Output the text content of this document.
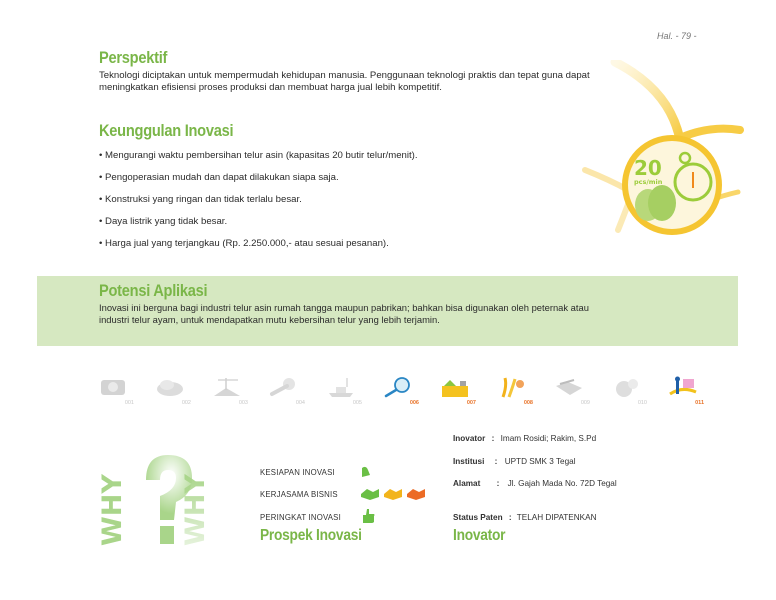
Hal. - 79 -
Perspektif
Teknologi diciptakan untuk mempermudah kehidupan manusia. Penggunaan teknologi praktis dan tepat guna dapat meningkatkan efisiensi proses produksi dan membuat harga jual lebih kompetitif.
Keunggulan Inovasi
• Mengurangi waktu pembersihan telur asin (kapasitas 20 butir telur/menit).
• Pengoperasian mudah dan dapat dilakukan siapa saja.
• Konstruksi yang ringan dan tidak terlalu besar.
• Daya listrik yang tidak besar.
• Harga jual yang terjangkau (Rp. 2.250.000,- atau sesuai pesanan).
20
pcs/min
Potensi Aplikasi
Inovasi ini berguna bagi industri telur asin rumah tangga maupun pabrikan; bahkan bisa digunakan oleh peternak atau industri telur ayam, untuk mendapatkan mutu kebersihan telur yang lebih terjamin.
001	002	003	004	005	006	007	008	009	010	011
WHY WHY
KESIAPAN INOVASI
KERJASAMA BISNIS
PERINGKAT INOVASI
Prospek Inovasi
Inovator : Imam Rosidi; Rakim, S.Pd
Institusi : UPTD SMK 3 Tegal
Alamat : Jl. Gajah Mada No. 72D Tegal
Status Paten : TELAH DIPATENKAN
Inovator
